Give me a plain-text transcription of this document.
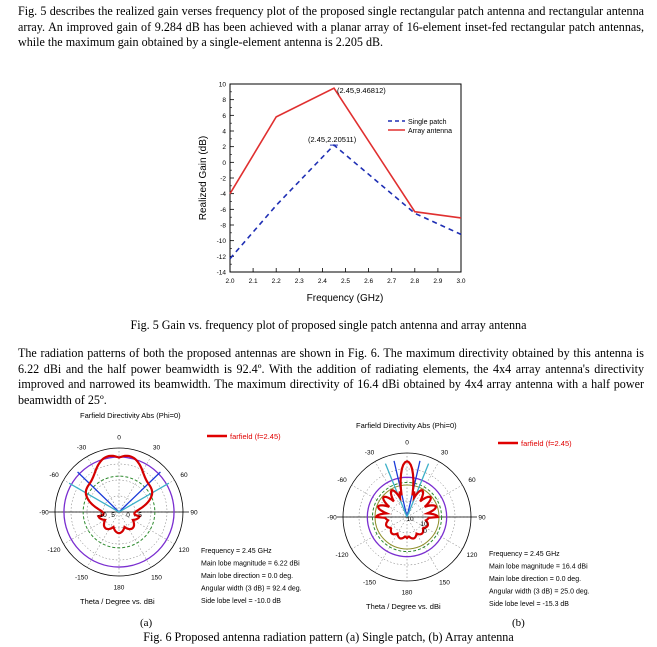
Fig. 5 describes the realized gain verses frequency plot of the proposed single rectangular patch antenna and rectangular antenna array. An improved gain of 9.284 dB has been achieved with a planar array of 16-element inset-fed rectangular patch antennas, while the maximum gain obtained by a single-element antenna is 2.205 dB.
10
8
6
4
2
0
-2
-4
-6
-8
-10
-12
-14
2.0 2.1 2.2 2.3 2.4 2.5 2.6 2.7 2.8 2.9 3.0
Realized Gain (dB)
Frequency (GHz)
(2.45,9.46812)
(2.45,2.20511)
Single patch
Array antenna
Fig. 5 Gain vs. frequency plot of proposed single patch antenna and array antenna
The radiation patterns of both the proposed antennas are shown in Fig. 6. The maximum directivity obtained by this antenna is 6.22 dBi and the half power beamwidth is 92.4º. With the addition of radiating elements, the 4x4 array antenna's directivity improved and narrowed its beamwidth. The maximum directivity of 16.4 dBi obtained by 4x4 array antenna with a half power beamwidth of 25º.
Farfield Directivity Abs (Phi=0)
0
30
60
90
120
150
180
-150
-120
-90
-60
-30
-10 5 0 5
farfield (f=2.45)
Frequency = 2.45 GHz
Main lobe magnitude = 6.22 dBi
Main lobe direction = 0.0 deg.
Angular width (3 dB) = 92.4 deg.
Side lobe level = -10.0 dB
Theta / Degree vs. dBi
Farfield Directivity Abs (Phi=0)
0
30
60
90
120
150
180
-150
-120
-90
-60
-30
10
0
10
farfield (f=2.45)
Frequency = 2.45 GHz
Main lobe magnitude = 16.4 dBi
Main lobe direction = 0.0 deg.
Angular width (3 dB) = 25.0 deg.
Side lobe level = -15.3 dB
Theta / Degree vs. dBi
(a)	(b)
Fig. 6 Proposed antenna radiation pattern (a) Single patch, (b) Array antenna
